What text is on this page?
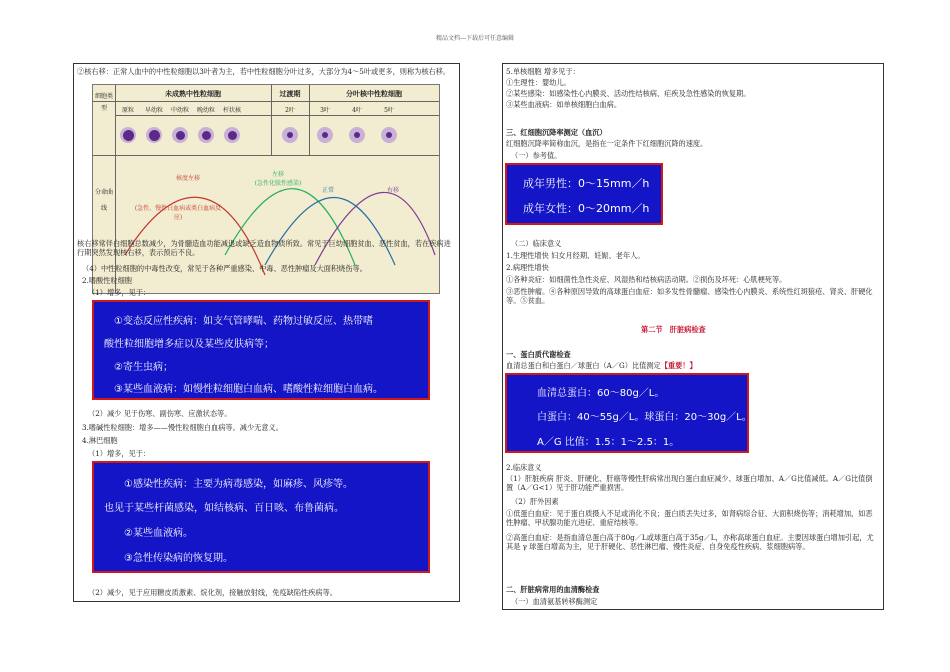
精品文档---下载后可任意编辑
②核右移：正常人血中的中性粒细胞以3叶者为主，若中性粒细胞分叶过多，大部分为4～5叶或更多，则称为核右移。
细胞类型
分命曲线
未成熟中性粒细胞	过渡期	分叶核中性粒细胞
核度左移
(急性、慢性白血病或类白血病反应)
左移
(急性化脓性感染)
正常	右移
原粒	早幼粒	中幼粒	晚幼粒	杆状核	2叶	3叶	4叶	5叶
核右移常伴白细胞总数减少，为骨髓造血功能减退或缺乏造血物质所致。常见于巨幼细胞贫血、恶性贫血，若在疾病进行期突然发现核右移，表示预后不良。
（4）中性粒细胞的中毒性改变，常见于各种严重感染、中毒、恶性肿瘤及大面积烧伤等。
2.嗜酸性粒细胞
（1）增多，见于：
①变态反应性疾病：如支气管哮喘、药物过敏反应、热带嗜
酸性粒细胞增多症以及某些皮肤病等；
②寄生虫病；
③某些血液病：如慢性粒细胞白血病、嗜酸性粒细胞白血病。
（2）减少 见于伤寒、副伤寒、应激状态等。
3.嗜碱性粒细胞：增多——慢性粒细胞白血病等。减少无意义。
4.淋巴细胞
（1）增多，见于：
①感染性疾病：主要为病毒感染，如麻疹、风疹等。
也见于某些杆菌感染，如结核病、百日咳、布鲁菌病。
②某些血液病。
③急性传染病的恢复期。
（2）减少，见于应用糖皮质激素、烷化剂，接触放射线，免疫缺陷性疾病等。
5.单核细胞 增多见于：
①生理性：婴幼儿。
②某些感染：如感染性心内膜炎、活动性结核病、疟疾及急性感染的恢复期。
③某些血液病：如单核细胞白血病。
三、红细胞沉降率测定（血沉）
红细胞沉降率简称血沉，是指在一定条件下红细胞沉降的速度。
（一）参考值。
成年男性：0～15mm／h
成年女性：0～20mm／h
（二）临床意义
1.生理性增快 妇女月经期、妊娠、老年人。
2.病理性增快
①各种炎症：如细菌性急性炎症、风湿热和结核病活动期。②损伤及坏死：心肌梗死等。
③恶性肿瘤。④各种原因导致的高球蛋白血症：如多发性骨髓瘤、感染性心内膜炎、系统性红斑狼疮、肾炎、肝硬化等。⑤贫血。
第二节　肝脏病检查
一、蛋白质代谢检查
血清总蛋白和白蛋白／球蛋白（A／G）比值测定【重要！】
血清总蛋白：60～80g／L。
白蛋白：40～55g／L。球蛋白：20～30g／L。
A／G 比值：1.5：1～2.5：1。
2.临床意义
（1）肝脏疾病 肝炎、肝硬化、肝癌等慢性肝病常出现白蛋白血症减少、球蛋白增加、A／G比值减低。A／G比值倒置（A／G<1）见于肝功能严重损害。
（2）肝外因素
①低蛋白血症：见于蛋白质摄入不足或消化不良；蛋白质丢失过多，如肾病综合征、大面积烧伤等；消耗增加，如恶性肿瘤、甲状腺功能亢进症、重症结核等。
②高蛋白血症：是指血清总蛋白高于80g／L或球蛋白高于35g／L，亦称高球蛋白血症。主要因球蛋白增加引起，尤其是 γ 球蛋白增高为主，见于肝硬化、恶性淋巴瘤、慢性炎症、自身免疫性疾病、浆细胞病等。
二、肝脏病常用的血清酶检查
（一）血清氨基转移酶测定
